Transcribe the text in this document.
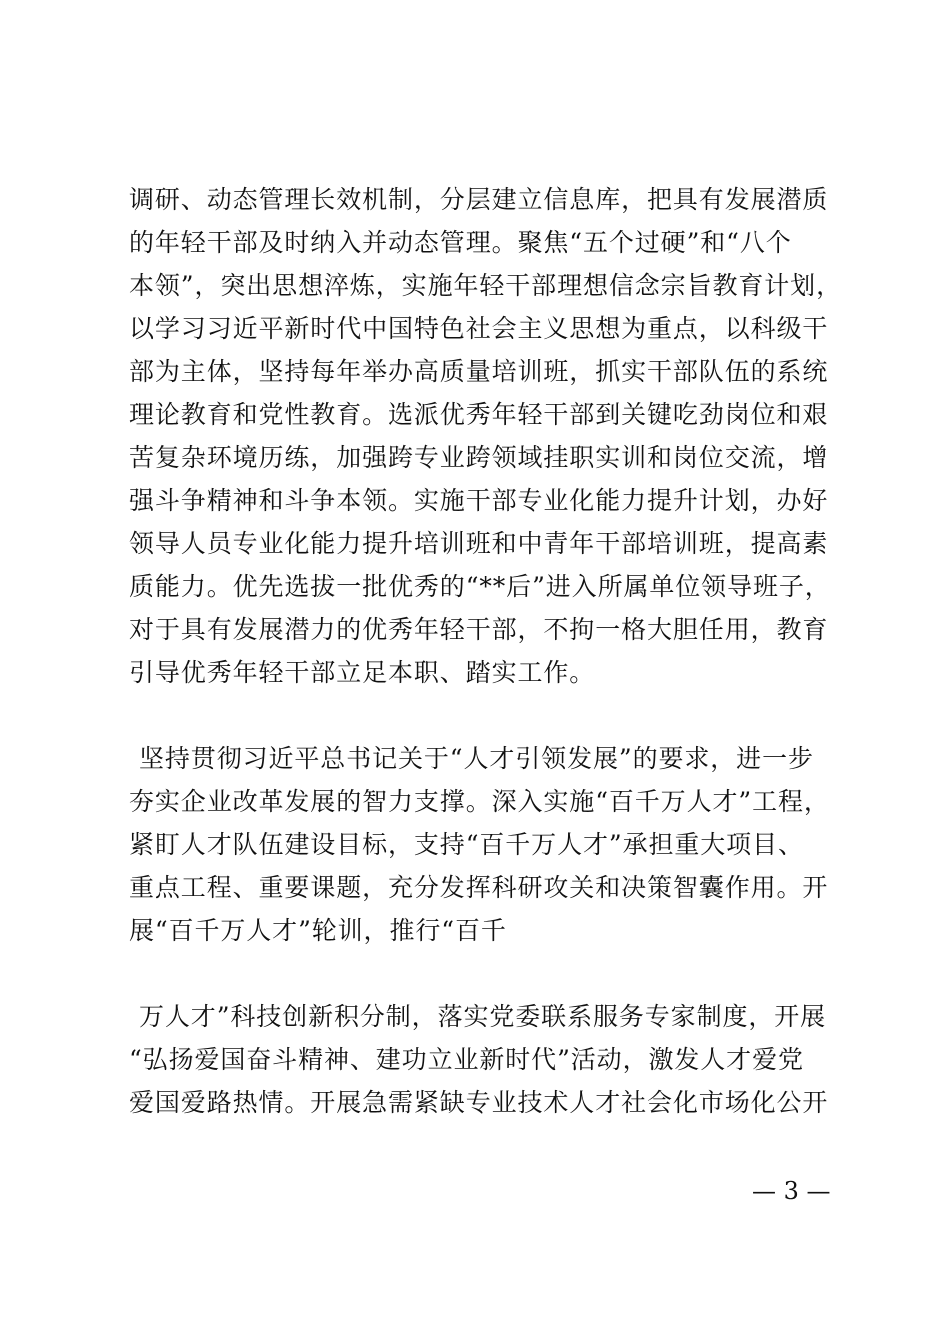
调研、动态管理长效机制，分层建立信息库，把具有发展潜质
的年轻干部及时纳入并动态管理。聚焦“五个过硬”和“八个
本领”，突出思想淬炼，实施年轻干部理想信念宗旨教育计划，
以学习习近平新时代中国特色社会主义思想为重点，以科级干
部为主体，坚持每年举办高质量培训班，抓实干部队伍的系统
理论教育和党性教育。选派优秀年轻干部到关键吃劲岗位和艰
苦复杂环境历练，加强跨专业跨领域挂职实训和岗位交流，增
强斗争精神和斗争本领。实施干部专业化能力提升计划，办好
领导人员专业化能力提升培训班和中青年干部培训班，提高素
质能力。优先选拔一批优秀的“**后”进入所属单位领导班子，
对于具有发展潜力的优秀年轻干部，不拘一格大胆任用，教育
引导优秀年轻干部立足本职、踏实工作。
坚持贯彻习近平总书记关于“人才引领发展”的要求，进一步
夯实企业改革发展的智力支撑。深入实施“百千万人才”工程，
紧盯人才队伍建设目标，支持“百千万人才”承担重大项目、
重点工程、重要课题，充分发挥科研攻关和决策智囊作用。开
展“百千万人才”轮训，推行“百千
万人才”科技创新积分制，落实党委联系服务专家制度，开展
“弘扬爱国奋斗精神、建功立业新时代”活动，激发人才爱党
爱国爱路热情。开展急需紧缺专业技术人才社会化市场化公开
— 3 —
